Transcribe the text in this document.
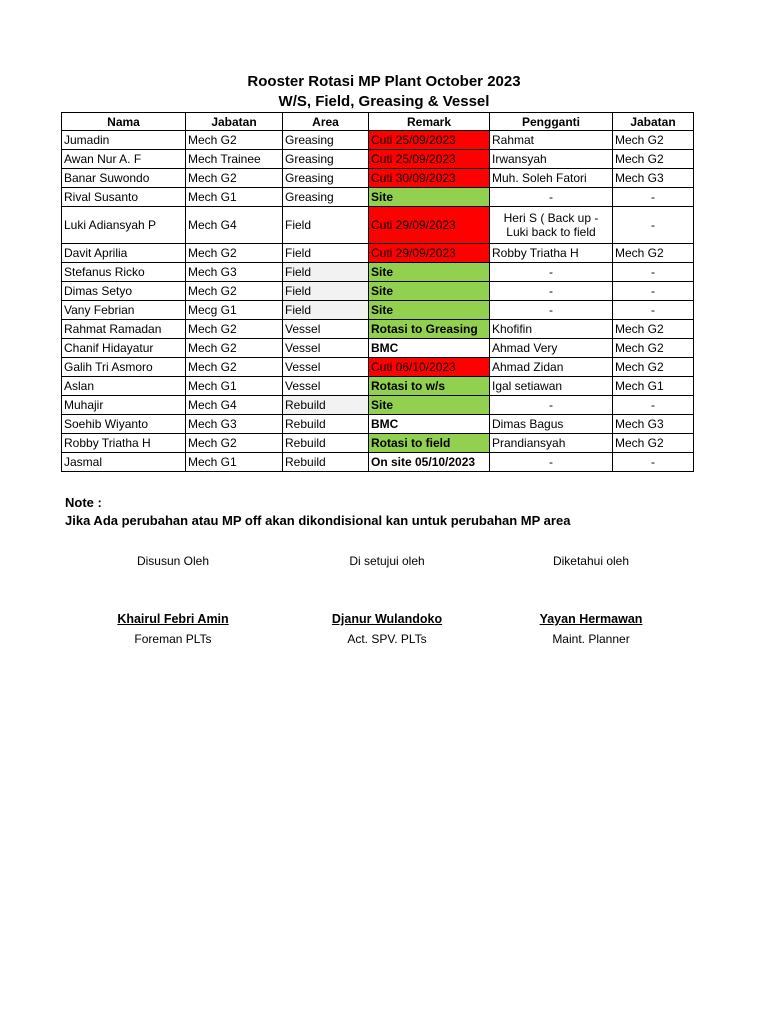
Rooster Rotasi MP Plant October 2023
W/S, Field, Greasing & Vessel
Nama	Jabatan	Area	Remark	Pengganti	Jabatan
Jumadin	Mech G2	Greasing	Cuti 25/09/2023	Rahmat	Mech G2
Awan Nur A. F	Mech Trainee	Greasing	Cuti 25/09/2023	Irwansyah	Mech G2
Banar Suwondo	Mech G2	Greasing	Cuti 30/09/2023	Muh. Soleh Fatori	Mech G3
Rival Susanto	Mech G1	Greasing	Site	-	-
Luki Adiansyah P	Mech G4	Field	Cuti 29/09/2023	Heri S ( Back up - Luki back to field	-
Davit Aprilia	Mech G2	Field	Cuti 29/09/2023	Robby Triatha H	Mech G2
Stefanus Ricko	Mech G3	Field	Site	-	-
Dimas Setyo	Mech G2	Field	Site	-	-
Vany Febrian	Mecg G1	Field	Site	-	-
Rahmat Ramadan	Mech G2	Vessel	Rotasi to Greasing	Khofifin	Mech G2
Chanif Hidayatur	Mech G2	Vessel	BMC	Ahmad Very	Mech G2
Galih Tri Asmoro	Mech G2	Vessel	Cuti 06/10/2023	Ahmad Zidan	Mech G2
Aslan	Mech G1	Vessel	Rotasi to w/s	Igal setiawan	Mech G1
Muhajir	Mech G4	Rebuild	Site	-	-
Soehib Wiyanto	Mech G3	Rebuild	BMC	Dimas Bagus	Mech G3
Robby Triatha H	Mech G2	Rebuild	Rotasi to field	Prandiansyah	Mech G2
Jasmal	Mech G1	Rebuild	On site 05/10/2023	-	-
Note :
Jika Ada perubahan atau MP off akan dikondisional kan untuk perubahan MP area
Disusun Oleh	Di setujui oleh	Diketahui oleh
Khairul Febri Amin	Djanur Wulandoko	Yayan Hermawan
Foreman PLTs	Act. SPV. PLTs	Maint. Planner
